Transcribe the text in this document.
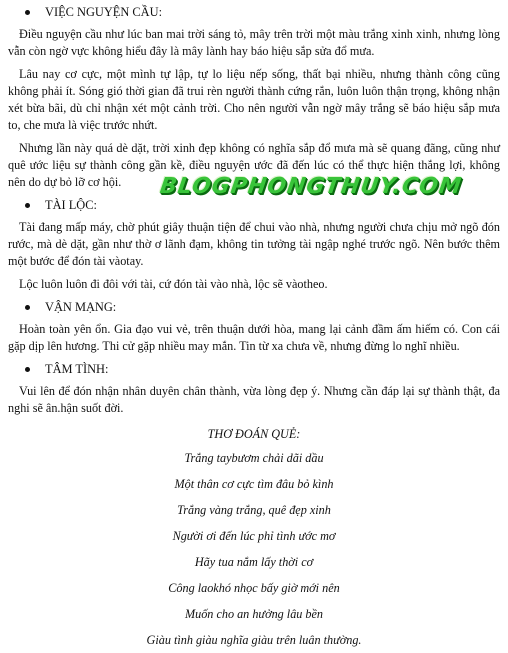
VIỆC NGUYỆN CẦU:

Điều nguyện cầu như lúc ban mai trời sáng tỏ, mây trên trời một màu trắng xinh xinh, nhưng lòng vẫn còn ngờ vực không hiểu đây là mây lành hay báo hiệu sắp sửa đổ mưa.

Lâu nay cơ cực, một mình tự lập, tự lo liệu nếp sống, thất bại nhiều, nhưng thành công cũng không phải ít. Sóng gió thời gian đã trui rèn người thành cứng rắn, luôn luôn thận trọng, không nhận xét bừa bãi, dù chỉ nhận xét một cảnh trời. Cho nên người vẫn ngờ mây trắng sẽ báo hiệu sắp mưa to, che mưa là việc trước nhứt.

Nhưng lần này quá dè dặt, trời xinh đẹp không có nghĩa sắp đổ mưa mà sẽ quang đãng, cũng như quê ước liệu sự thành công gần kề, điều nguyện ước đã đến lúc có thể thực hiện thắng lợi, không nên do dự bỏ lỡ cơ hội.

TÀI LỘC:

Tài đang mấp máy, chờ phút giây thuận tiện để chui vào nhà, nhưng người chưa chịu mở ngõ đón rước, mà dè dặt, gần như thờ ơ lãnh đạm, không tin tưởng tài ngập nghé trước ngõ. Nên bước thêm một bước để đón tài vàotay.

Lộc luôn luôn đi đôi với tài, cứ đón tài vào nhà, lộc sẽ vàotheo.

VẬN MẠNG:

Hoàn toàn yên ổn. Gia đạo vui vẻ, trên thuận dưới hòa, mang lại cảnh đầm ấm hiếm có. Con cái gặp dịp lên hương. Thi cử gặp nhiều may mắn. Tin từ xa chưa về, nhưng đừng lo nghĩ nhiều.

TÂM TÌNH:

Vui lên để đón nhận nhân duyên chân thành, vừa lòng đẹp ý. Nhưng cần đáp lại sự thành thật, đa nghi sẽ ân.hận suốt đời.

THƠ ĐOÁN QUẺ:
Trắng taybươm chải dãi dầu
Một thân cơ cực tìm đâu bỏ kình
Trắng vàng trắng, quê đẹp xinh
Người ơi đến lúc phỉ tình ước mơ
Hãy tua nắm lấy thời cơ
Công laokhó nhọc bấy giờ mới nên
Muốn cho an hưởng lâu bền
Giàu tình giàu nghĩa giàu trên luân thường.
BLOGPHONGTHUY.COM
